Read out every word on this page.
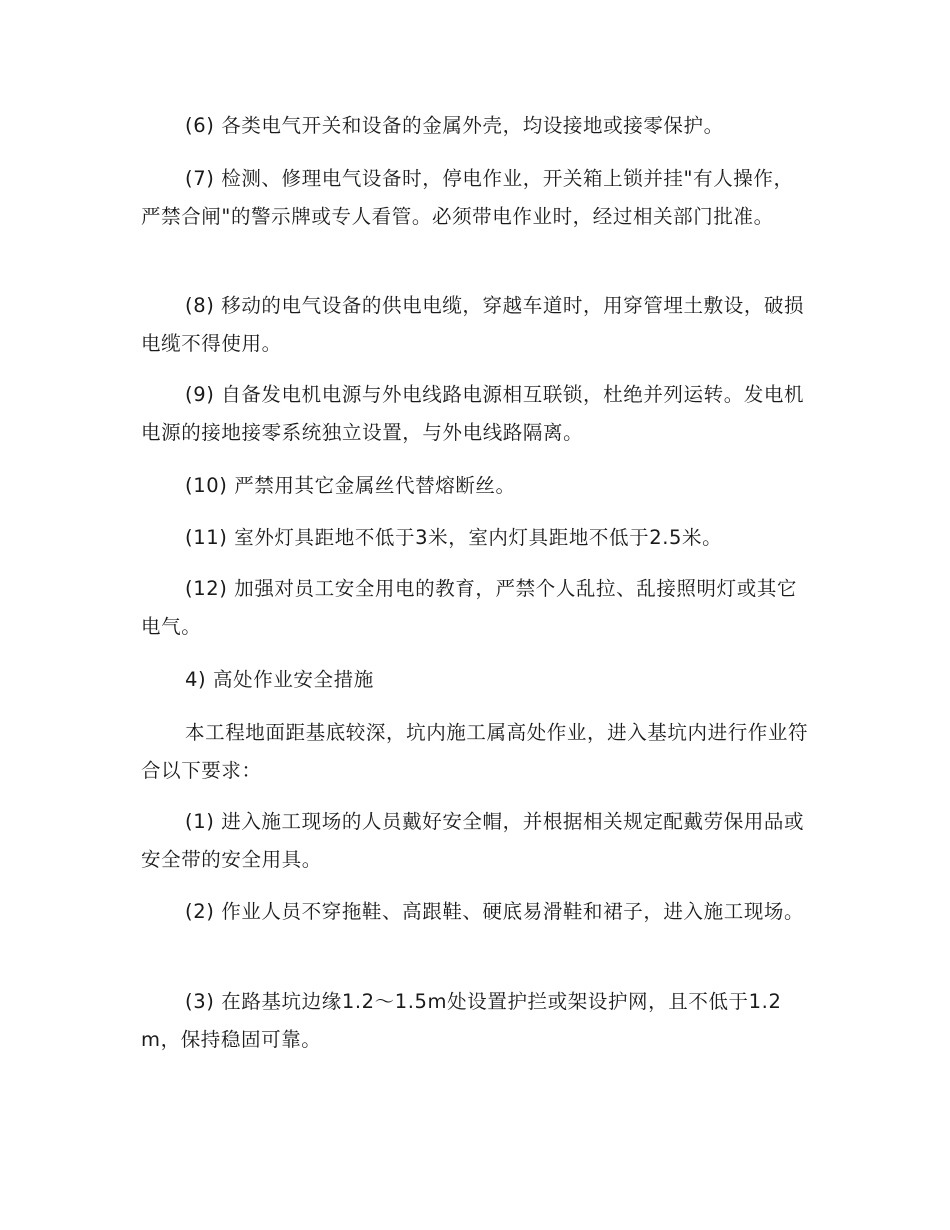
(6) 各类电气开关和设备的金属外壳，均设接地或接零保护。

(7) 检测、修理电气设备时，停电作业，开关箱上锁并挂"有人操作，严禁合闸"的警示牌或专人看管。必须带电作业时，经过相关部门批准。

(8) 移动的电气设备的供电电缆，穿越车道时，用穿管埋土敷设，破损电缆不得使用。

(9) 自备发电机电源与外电线路电源相互联锁，杜绝并列运转。发电机电源的接地接零系统独立设置，与外电线路隔离。

(10) 严禁用其它金属丝代替熔断丝。

(11) 室外灯具距地不低于3米，室内灯具距地不低于2.5米。

(12) 加强对员工安全用电的教育，严禁个人乱拉、乱接照明灯或其它电气。

4) 高处作业安全措施

本工程地面距基底较深，坑内施工属高处作业，进入基坑内进行作业符合以下要求：

(1) 进入施工现场的人员戴好安全帽，并根据相关规定配戴劳保用品或安全带的安全用具。

(2) 作业人员不穿拖鞋、高跟鞋、硬底易滑鞋和裙子，进入施工现场。

(3) 在路基坑边缘1.2～1.5m处设置护拦或架设护网，且不低于1.2m，保持稳固可靠。
